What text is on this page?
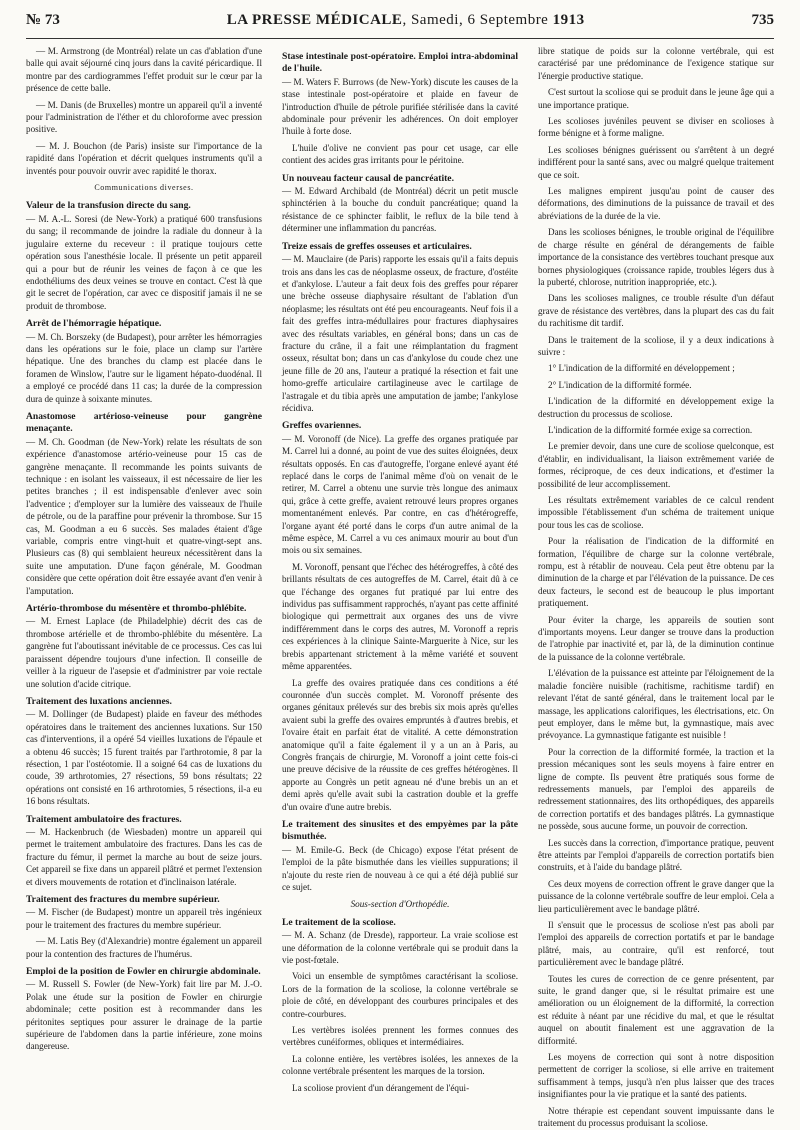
№ 73	LA PRESSE MÉDICALE, Samedi, 6 Septembre 1913	735

— M. Armstrong (de Montréal) relate un cas d'ablation d'une balle qui avait séjourné cinq jours dans la cavité péricardique. Il montre par des cardiogrammes l'effet produit sur le cœur par la présence de cette balle.

— M. Danis (de Bruxelles) montre un appareil qu'il a inventé pour l'administration de l'éther et du chloroforme avec pression positive.

— M. J. Bouchon (de Paris) insiste sur l'importance de la rapidité dans l'opération et décrit quelques instruments qu'il a inventés pour pouvoir ouvrir avec rapidité le thorax.

Communications diverses.

Valeur de la transfusion directe du sang.

— M. A.-L. Soresi (de New-York) a pratiqué 600 transfusions du sang; il recommande de joindre la radiale du donneur à la jugulaire externe du receveur : il pratique toujours cette opération sous l'anesthésie locale. Il présente un petit appareil qui a pour but de réunir les veines de façon à ce que les endothéliums des deux veines se trouve en contact. C'est là que git le secret de l'opération, car avec ce dispositif jamais il ne se produit de thrombose.

Arrêt de l'hémorragie hépatique.

— M. Ch. Borszeky (de Budapest), pour arrêter les hémorragies dans les opérations sur le foie, place un clamp sur l'artère hépatique. Une des branches du clamp est placée dans le foramen de Winslow, l'autre sur le ligament hépato-duodénal. Il a employé ce procédé dans 11 cas; la durée de la compression dura de quinze à soixante minutes.

Anastomose artérioso-veineuse pour gangrène menaçante.

— M. Ch. Goodman (de New-York) relate les résultats de son expérience d'anastomose artério-veineuse pour 15 cas de gangrène menaçante. Il recommande les points suivants de technique : en isolant les vaisseaux, il est nécessaire de lier les petites branches ; il est indispensable d'enlever avec soin l'adventice ; d'employer sur la lumière des vaisseaux de l'huile de pétrole, ou de la paraffine pour prévenir la thrombose. Sur 15 cas, M. Goodman a eu 6 succès. Ses malades étaient d'âge variable, compris entre vingt-huit et quatre-vingt-sept ans. Plusieurs cas (8) qui semblaient heureux nécessitèrent dans la suite une amputation. D'une façon générale, M. Goodman considère que cette opération doit être essayée avant d'en venir à l'amputation.

Artério-thrombose du mésentère et thrombo-phlébite.

— M. Ernest Laplace (de Philadelphie) décrit des cas de thrombose artérielle et de thrombo-phlébite du mésentère. La gangrène fut l'aboutissant inévitable de ce processus. Ces cas lui paraissent dépendre toujours d'une infection. Il conseille de veiller à la rigueur de l'asepsie et d'administrer par voie rectale une solution d'acide citrique.

Traitement des luxations anciennes.

— M. Dollinger (de Budapest) plaide en faveur des méthodes opératoires dans le traitement des anciennes luxations. Sur 150 cas d'interventions, il a opéré 54 vieilles luxations de l'épaule et a obtenu 46 succès; 15 furent traités par l'arthrotomie, 8 par la résection, 1 par l'ostéotomie. Il a soigné 64 cas de luxations du coude, 39 arthrotomies, 27 résections, 59 bons résultats; 22 opérations ont consisté en 16 arthrotomies, 5 résections, il-a eu 16 bons résultats.

Traitement ambulatoire des fractures.

— M. Hackenbruch (de Wiesbaden) montre un appareil qui permet le traitement ambulatoire des fractures. Dans les cas de fracture du fémur, il permet la marche au bout de seize jours. Cet appareil se fixe dans un appareil plâtré et permet l'extension et divers mouvements de rotation et d'inclinaison latérale.

Traitement des fractures du membre supérieur.

— M. Fischer (de Budapest) montre un appareil très ingénieux pour le traitement des fractures du membre supérieur.

— M. Latis Bey (d'Alexandrie) montre également un appareil pour la contention des fractures de l'humérus.

Emploi de la position de Fowler en chirurgie abdominale.

— M. Russell S. Fowler (de New-York) fait lire par M. J.-O. Polak une étude sur la position de Fowler en chirurgie abdominale; cette position est à recommander dans les péritonites septiques pour assurer le drainage de la partie supérieure de l'abdomen dans la partie inférieure, zone moins dangereuse.

Stase intestinale post-opératoire. Emploi intra-abdominal de l'huile.

— M. Waters F. Burrows (de New-York) discute les causes de la stase intestinale post-opératoire et plaide en faveur de l'introduction d'huile de pétrole purifiée stérilisée dans la cavité abdominale pour prévenir les adhérences. On doit employer l'huile à forte dose.

L'huile d'olive ne convient pas pour cet usage, car elle contient des acides gras irritants pour le péritoine.

Un nouveau facteur causal de pancréatite.

— M. Edward Archibald (de Montréal) décrit un petit muscle sphinctérien à la bouche du conduit pancréatique; quand la résistance de ce sphincter faiblit, le reflux de la bile tend à déterminer une inflammation du pancréas.

Treize essais de greffes osseuses et articulaires.

— M. Mauclaire (de Paris) rapporte les essais qu'il a faits depuis trois ans dans les cas de néoplasme osseux, de fracture, d'ostéite et d'ankylose. L'auteur a fait deux fois des greffes pour réparer une brèche osseuse diaphysaire résultant de l'ablation d'un néoplasme; les résultats ont été peu encourageants. Neuf fois il a fait des greffes intra-médullaires pour fractures diaphysaires avec des résultats variables, en général bons; dans un cas de fracture du crâne, il a fait une réimplantation du fragment osseux, résultat bon; dans un cas d'ankylose du coude chez une jeune fille de 20 ans, l'auteur a pratiqué la résection et fait une homo-greffe articulaire cartilagineuse avec le cartilage de l'astragale et du tibia après une amputation de jambe; l'ankylose récidiva.

Greffes ovariennes.

— M. Voronoff (de Nice). La greffe des organes pratiquée par M. Carrel lui a donné, au point de vue des suites éloignées, deux résultats opposés. En cas d'autogreffe, l'organe enlevé ayant été replacé dans le corps de l'animal même d'où on venait de le retirer, M. Carrel a obtenu une survie très longue des animaux qui, grâce à cette greffe, avaient retrouvé leurs propres organes momentanément enlevés. Par contre, en cas d'hétérogreffe, l'organe ayant été porté dans le corps d'un autre animal de la même espèce, M. Carrel a vu ces animaux mourir au bout d'un mois ou six semaines.

M. Voronoff, pensant que l'échec des hétérogreffes, à côté des brillants résultats de ces autogreffes de M. Carrel, était dû à ce que l'échange des organes fut pratiqué par lui entre des individus pas suffisamment rapprochés, n'ayant pas cette affinité biologique qui permettrait aux organes des uns de vivre indifféremment dans le corps des autres, M. Voronoff a repris ces expériences à la clinique Sainte-Marguerite à Nice, sur les brebis appartenant strictement à la même variété et souvent même apparentées.

La greffe des ovaires pratiquée dans ces conditions a été couronnée d'un succès complet. M. Voronoff présente des organes génitaux prélevés sur des brebis six mois après qu'elles avaient subi la greffe des ovaires empruntés à d'autres brebis, et l'ovaire était en parfait état de vitalité. A cette démonstration anatomique qu'il a faite également il y a un an à Paris, au Congrès français de chirurgie, M. Voronoff a joint cette fois-ci une preuve décisive de la réussite de ces greffes hétérogènes. Il apporte au Congrès un petit agneau né d'une brebis un an et demi après qu'elle avait subi la castration double et la greffe d'un ovaire d'une autre brebis.

Le traitement des sinusites et des empyèmes par la pâte bismuthée.

— M. Emile-G. Beck (de Chicago) expose l'état présent de l'emploi de la pâte bismuthée dans les vieilles suppurations; il n'ajoute du reste rien de nouveau à ce qui a été déjà publié sur ce sujet.

Sous-section d'Orthopédie.

Le traitement de la scoliose.

— M. A. Schanz (de Dresde), rapporteur. La vraie scoliose est une déformation de la colonne vertébrale qui se produit dans la vie post-fœtale.

Voici un ensemble de symptômes caractérisant la scoliose. Lors de la formation de la scoliose, la colonne vertébrale se ploie de côté, en développant des courbures principales et des contre-courbures.

Les vertèbres isolées prennent les formes connues des vertèbres cunéiformes, obliques et intermédiaires.

La colonne entière, les vertèbres isolées, les annexes de la colonne vertébrale présentent les marques de la torsion.

La scoliose provient d'un dérangement de l'équi-

libre statique de poids sur la colonne vertébrale, qui est caractérisé par une prédominance de l'exigence statique sur l'énergie productive statique.

C'est surtout la scoliose qui se produit dans le jeune âge qui a une importance pratique.

Les scolioses juvéniles peuvent se diviser en scolioses à forme bénigne et à forme maligne.

Les scolioses bénignes guérissent ou s'arrêtent à un degré indifférent pour la santé sans, avec ou malgré quelque traitement que ce soit.

Les malignes empirent jusqu'au point de causer des déformations, des diminutions de la puissance de travail et des abréviations de la durée de la vie.

Dans les scolioses bénignes, le trouble original de l'équilibre de charge résulte en général de dérangements de faible importance de la consistance des vertèbres touchant presque aux bornes physiologiques (croissance rapide, troubles légers dus à la puberté, chlorose, nutrition inappropriée, etc.).

Dans les scolioses malignes, ce trouble résulte d'un défaut grave de résistance des vertèbres, dans la plupart des cas du fait du rachitisme dit tardif.

Dans le traitement de la scoliose, il y a deux indications à suivre :

1° L'indication de la difformité en développement ;

2° L'indication de la difformité formée.

L'indication de la difformité en développement exige la destruction du processus de scoliose.

L'indication de la difformité formée exige sa correction.

Le premier devoir, dans une cure de scoliose quelconque, est d'établir, en individualisant, la liaison extrêmement variée de formes, réciproque, de ces deux indications, et d'estimer la possibilité de leur accomplissement.

Les résultats extrêmement variables de ce calcul rendent impossible l'établissement d'un schéma de traitement unique pour tous les cas de scoliose.

Pour la réalisation de l'indication de la difformité en formation, l'équilibre de charge sur la colonne vertébrale, rompu, est à rétablir de nouveau. Cela peut être obtenu par la diminution de la charge et par l'élévation de la puissance. De ces deux facteurs, le second est de beaucoup le plus important pratiquement.

Pour éviter la charge, les appareils de soutien sont d'importants moyens. Leur danger se trouve dans la production de l'atrophie par inactivité et, par là, de la diminution continue de la puissance de la colonne vertébrale.

L'élévation de la puissance est atteinte par l'éloignement de la maladie foncière nuisible (rachitisme, rachitisme tardif) en relevant l'état de santé général, dans le traitement local par le massage, les applications calorifiques, les électrisations, etc. On peut employer, dans le même but, la gymnastique, mais avec prévoyance. La gymnastique fatigante est nuisible !

Pour la correction de la difformité formée, la traction et la pression mécaniques sont les seuls moyens à faire entrer en ligne de compte. Ils peuvent être pratiqués sous forme de redressements manuels, par l'emploi des appareils de redressement stationnaires, des lits orthopédiques, des appareils de correction portatifs et des bandages plâtrés. La gymnastique ne possède, sous aucune forme, un pouvoir de correction.

Les succès dans la correction, d'importance pratique, peuvent être atteints par l'emploi d'appareils de correction portatifs bien construits, et à l'aide du bandage plâtré.

Ces deux moyens de correction offrent le grave danger que la puissance de la colonne vertébrale souffre de leur emploi. Cela a lieu particulièrement avec le bandage plâtré.

Il s'ensuit que le processus de scoliose n'est pas aboli par l'emploi des appareils de correction portatifs et par le bandage plâtré, mais, au contraire, qu'il est renforcé, tout particulièrement avec le bandage plâtré.

Toutes les cures de correction de ce genre présentent, par suite, le grand danger que, si le résultat primaire est une amélioration ou un éloignement de la difformité, la correction est réduite à néant par une récidive du mal, et que le résultat auquel on aboutit finalement est une aggravation de la difformité.

Les moyens de correction qui sont à notre disposition permettent de corriger la scoliose, si elle arrive en traitement suffisamment à temps, jusqu'à n'en plus laisser que des traces insignifiantes pour la vie pratique et la santé des patients.

Notre thérapie est cependant souvent impuissante dans le traitement du processus produisant la scoliose.
